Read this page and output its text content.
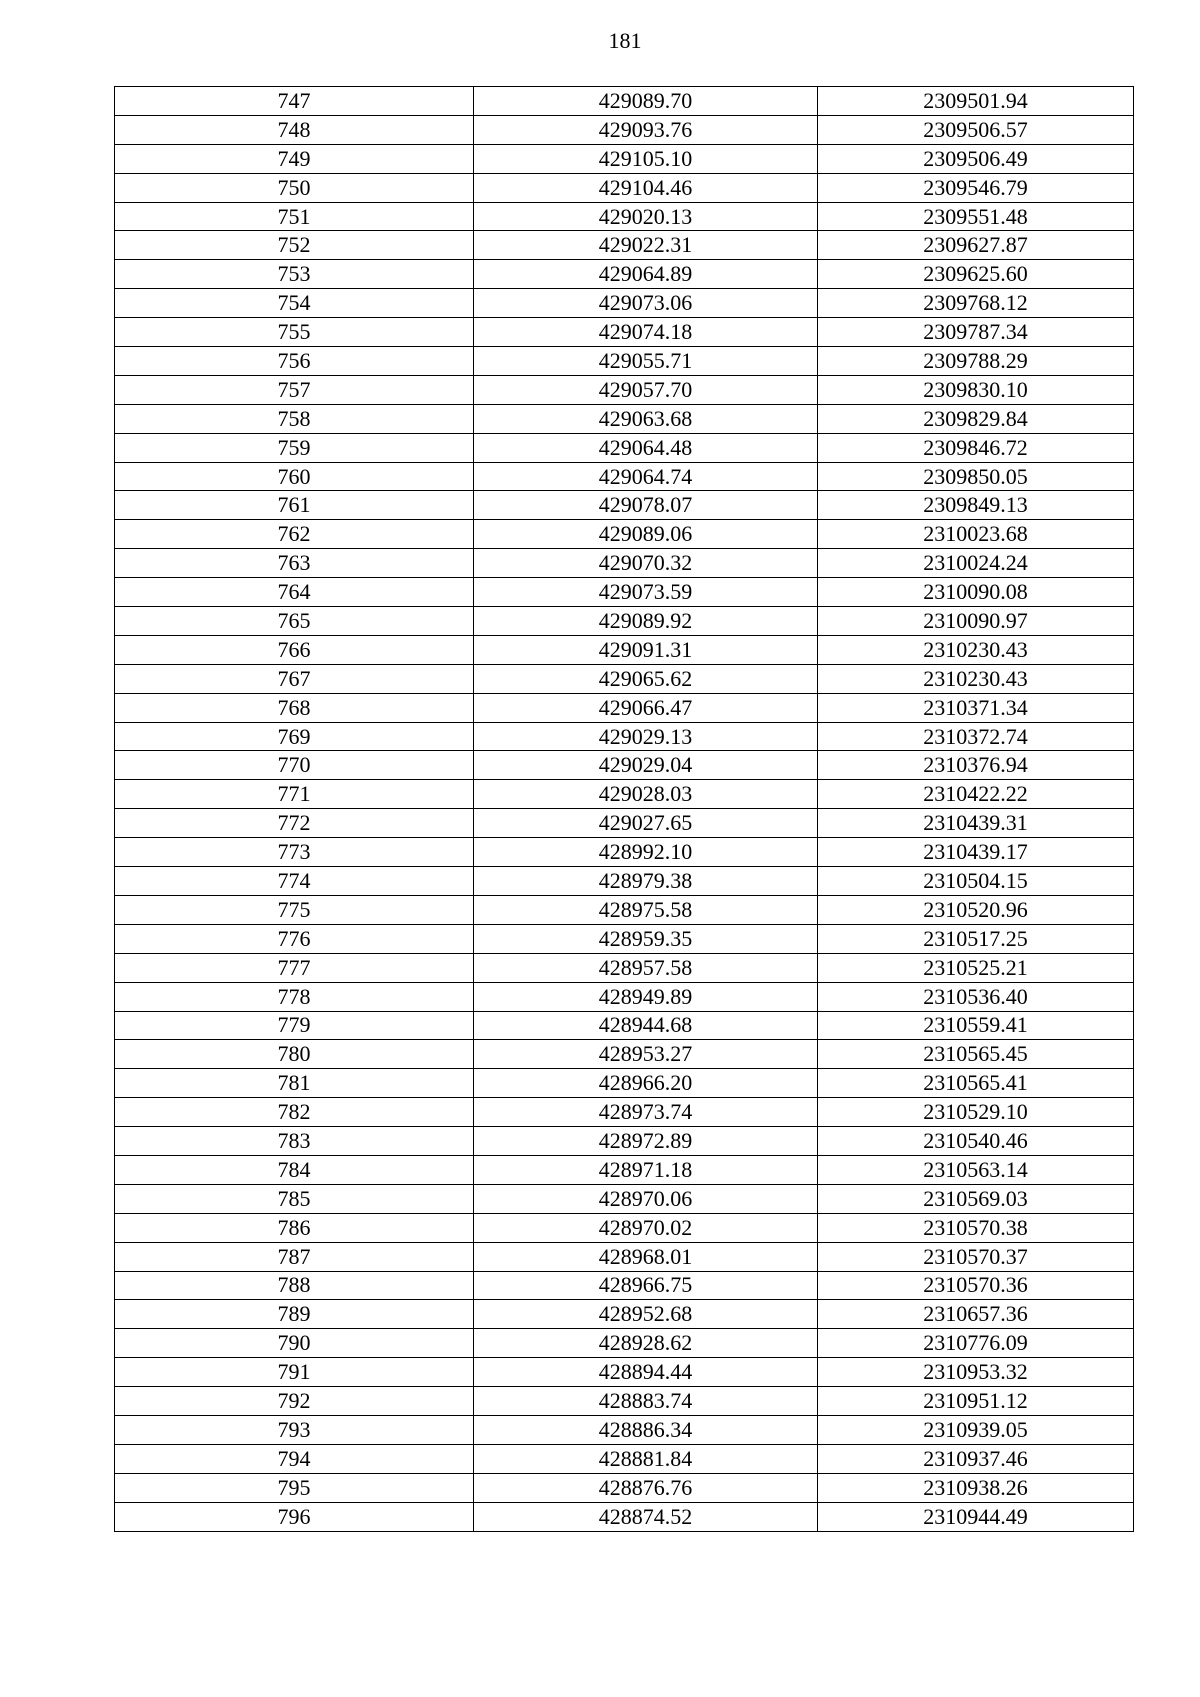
181
747	429089.70	2309501.94
748	429093.76	2309506.57
749	429105.10	2309506.49
750	429104.46	2309546.79
751	429020.13	2309551.48
752	429022.31	2309627.87
753	429064.89	2309625.60
754	429073.06	2309768.12
755	429074.18	2309787.34
756	429055.71	2309788.29
757	429057.70	2309830.10
758	429063.68	2309829.84
759	429064.48	2309846.72
760	429064.74	2309850.05
761	429078.07	2309849.13
762	429089.06	2310023.68
763	429070.32	2310024.24
764	429073.59	2310090.08
765	429089.92	2310090.97
766	429091.31	2310230.43
767	429065.62	2310230.43
768	429066.47	2310371.34
769	429029.13	2310372.74
770	429029.04	2310376.94
771	429028.03	2310422.22
772	429027.65	2310439.31
773	428992.10	2310439.17
774	428979.38	2310504.15
775	428975.58	2310520.96
776	428959.35	2310517.25
777	428957.58	2310525.21
778	428949.89	2310536.40
779	428944.68	2310559.41
780	428953.27	2310565.45
781	428966.20	2310565.41
782	428973.74	2310529.10
783	428972.89	2310540.46
784	428971.18	2310563.14
785	428970.06	2310569.03
786	428970.02	2310570.38
787	428968.01	2310570.37
788	428966.75	2310570.36
789	428952.68	2310657.36
790	428928.62	2310776.09
791	428894.44	2310953.32
792	428883.74	2310951.12
793	428886.34	2310939.05
794	428881.84	2310937.46
795	428876.76	2310938.26
796	428874.52	2310944.49
